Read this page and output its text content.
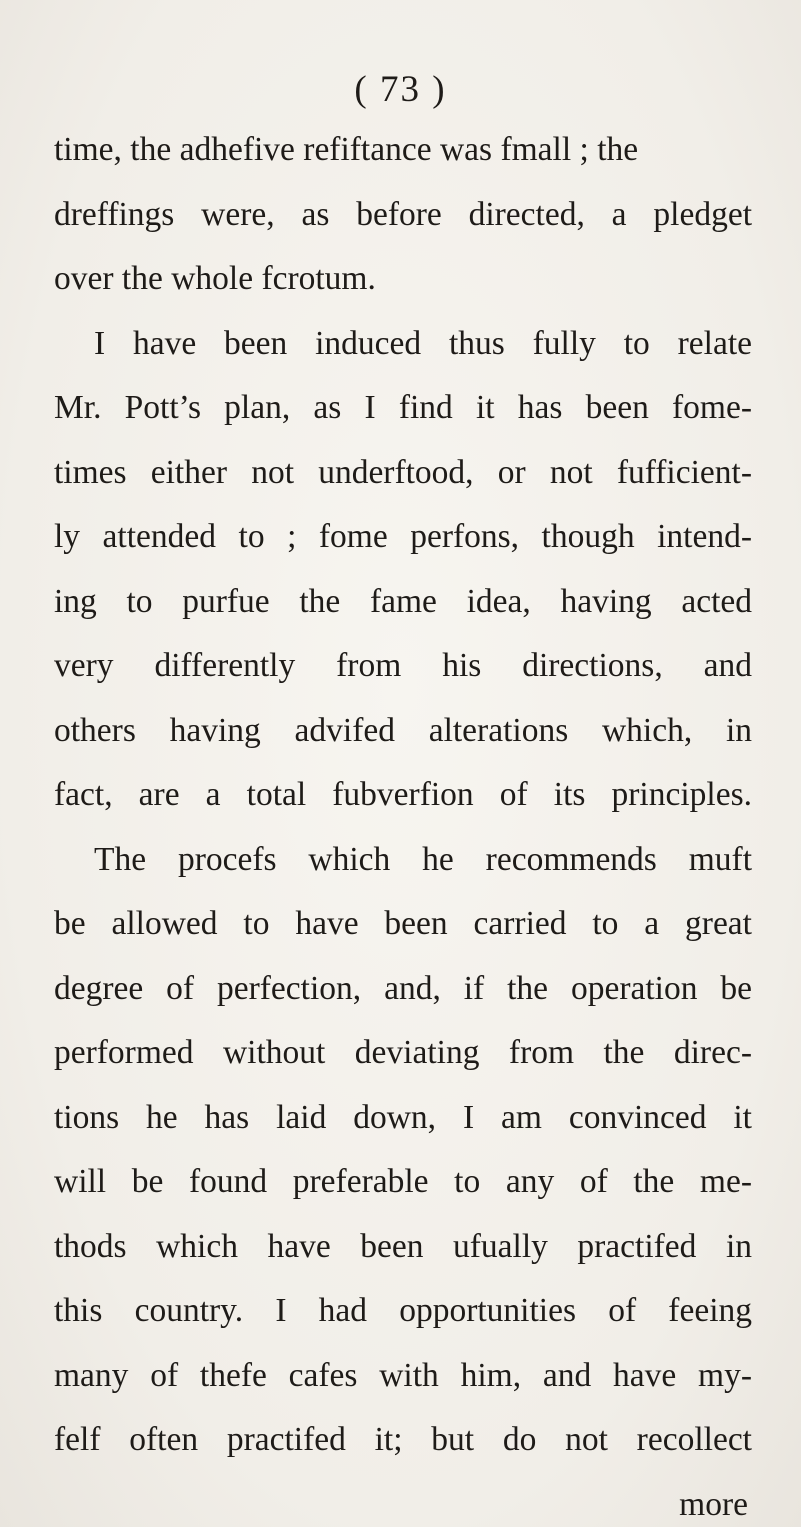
( 73 )
time, the adhefive refiftance was fmall ; the
dreffings were, as before directed, a pledget
over the whole fcrotum.
I have been induced thus fully to relate
Mr. Pott’s plan, as I find it has been fome-
times either not underftood, or not fufficient-
ly attended to ; fome perfons, though intend-
ing to purfue the fame idea, having acted
very differently from his directions, and
others having advifed alterations which, in
fact, are a total fubverfion of its principles.
The procefs which he recommends muft
be allowed to have been carried to a great
degree of perfection, and, if the operation be
performed without deviating from the direc-
tions he has laid down, I am convinced it
will be found preferable to any of the me-
thods which have been ufually practifed in
this country. I had opportunities of feeing
many of thefe cafes with him, and have my-
felf often practifed it; but do not recollect
more
